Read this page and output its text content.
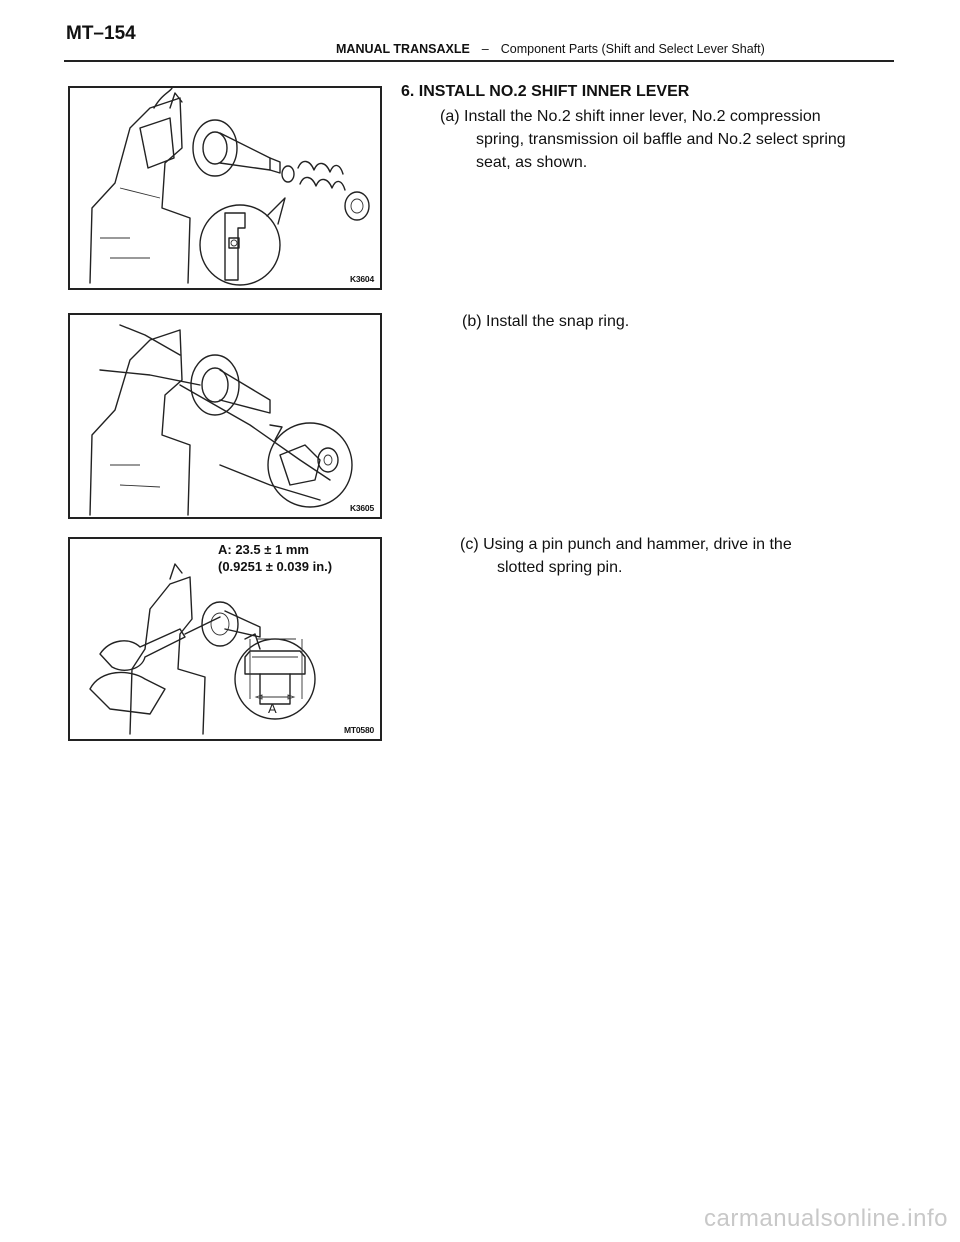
MT–154
MANUAL TRANSAXLE – Component Parts (Shift and Select Lever Shaft)
K3604
K3605
A
A: 23.5 ± 1 mm
(0.9251 ± 0.039 in.)
MT0580
6. INSTALL NO.2 SHIFT INNER LEVER
(a) Install the No.2 shift inner lever, No.2 compression
spring, transmission oil baffle and No.2 select spring seat, as shown.
(b) Install the snap ring.
(c) Using a pin punch and hammer, drive in the
slotted spring pin.
carmanualsonline.info
